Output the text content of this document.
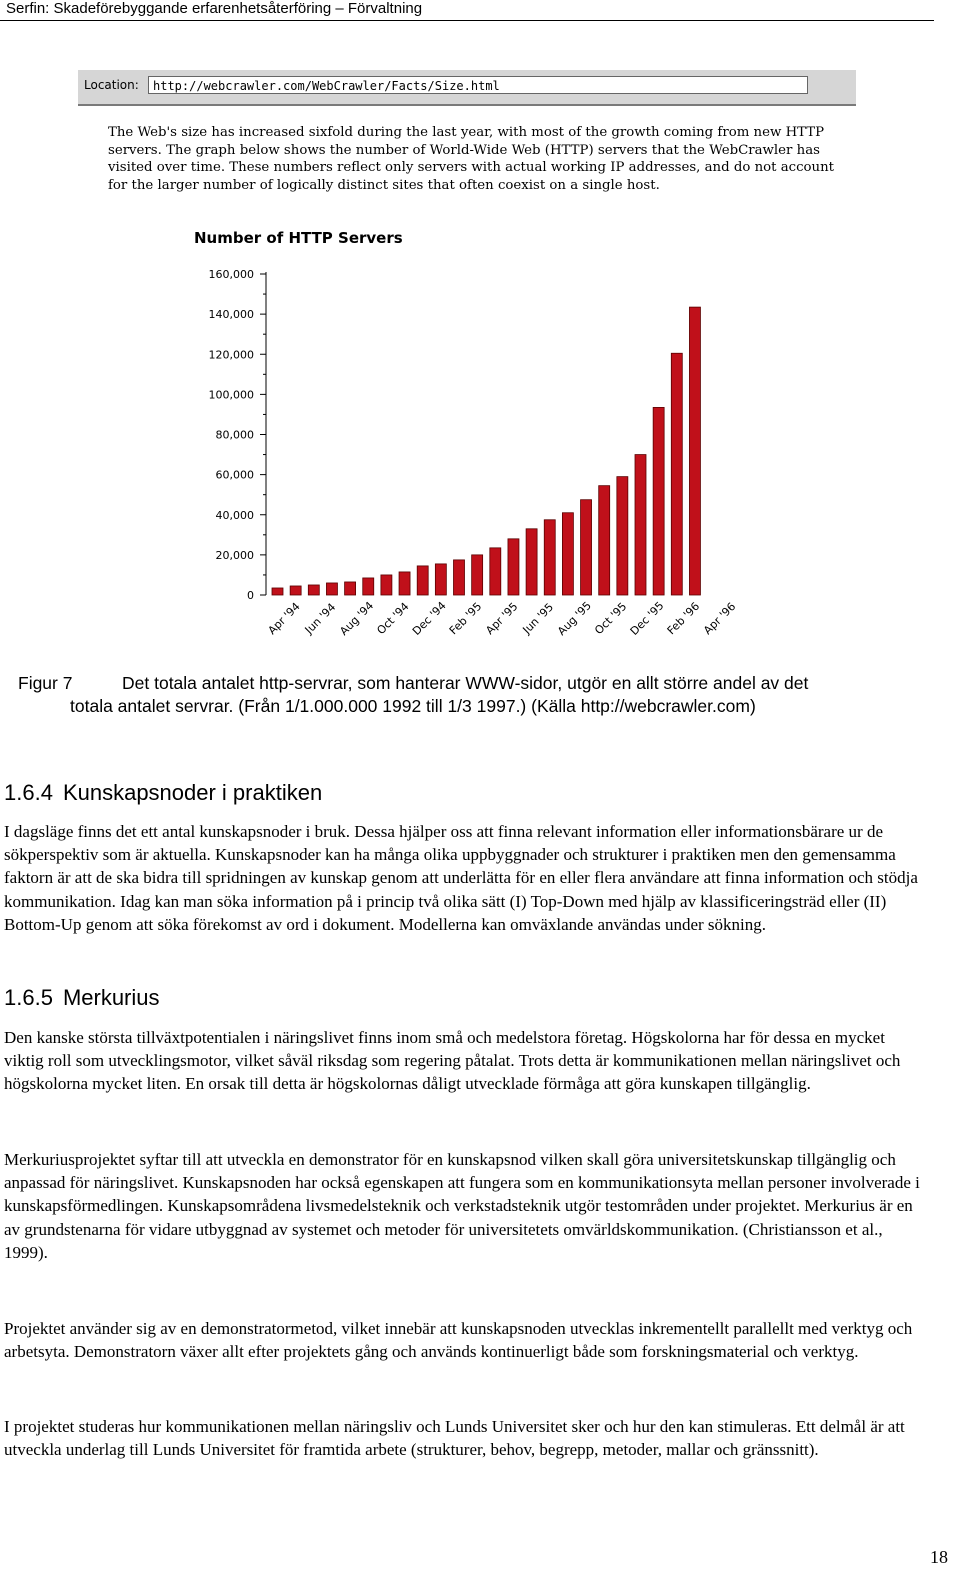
Serfin: Skadeförebyggande erfarenhetsåterföring – Förvaltning
Location:	http://webcrawler.com/WebCrawler/Facts/Size.html
The Web's size has increased sixfold during the last year, with most of the growth coming from new HTTP servers. The graph below shows the number of World-Wide Web (HTTP) servers that the WebCrawler has visited over time. These numbers reflect only servers with actual working IP addresses, and do not account for the larger number of logically distinct sites that often coexist on a single host.
Number of HTTP Servers
0
20,000
40,000
60,000
80,000
100,000
120,000
140,000
160,000
Apr '94 Jun '94
Aug '94
Oct '94
Dec '94
Feb '95
Apr '95 Jun '95
Aug '95
Oct '95
Dec '95
Feb '96
Apr '96
Figur 7	Det totala antalet http-servrar, som hanterar WWW-sidor, utgör en allt större andel av det
totala antalet servrar. (Från 1/1.000.000 1992 till 1/3 1997.) (Källa http://webcrawler.com)
1.6.4 Kunskapsnoder i praktiken

I dagsläge finns det ett antal kunskapsnoder i bruk. Dessa hjälper oss att finna relevant information eller informationsbärare ur de sökperspektiv som är aktuella. Kunskapsnoder kan ha många olika uppbyggnader och strukturer i praktiken men den gemensamma faktorn är att de ska bidra till spridningen av kunskap genom att underlätta för en eller flera användare att finna information och stödja kommunikation. Idag kan man söka information på i princip två olika sätt (I) Top-Down med hjälp av klassificeringsträd eller (II) Bottom-Up genom att söka förekomst av ord i dokument. Modellerna kan omväxlande användas under sökning.

1.6.5 Merkurius

Den kanske största tillväxtpotentialen i näringslivet finns inom små och medelstora företag. Högskolorna har för dessa en mycket viktig roll som utvecklingsmotor, vilket såväl riksdag som regering påtalat. Trots detta är kommunikationen mellan näringslivet och högskolorna mycket liten. En orsak till detta är högskolornas dåligt utvecklade förmåga att göra kunskapen tillgänglig.

Merkuriusprojektet syftar till att utveckla en demonstrator för en kunskapsnod vilken skall göra universitetskunskap tillgänglig och anpassad för näringslivet. Kunskapsnoden har också egenskapen att fungera som en kommunikationsyta mellan personer involverade i kunskapsförmedlingen. Kunskapsområdena livsmedelsteknik och verkstadsteknik utgör testområden under projektet. Merkurius är en av grundstenarna för vidare utbyggnad av systemet och metoder för universitetets omvärldskommunikation. (Christiansson et al., 1999).

Projektet använder sig av en demonstratormetod, vilket innebär att kunskapsnoden utvecklas inkrementellt parallellt med verktyg och arbetsyta. Demonstratorn växer allt efter projektets gång och används kontinuerligt både som forskningsmaterial och verktyg.

I projektet studeras hur kommunikationen mellan näringsliv och Lunds Universitet sker och hur den kan stimuleras. Ett delmål är att utveckla underlag till Lunds Universitet för framtida arbete (strukturer, behov, begrepp, metoder, mallar och gränssnitt).

18
